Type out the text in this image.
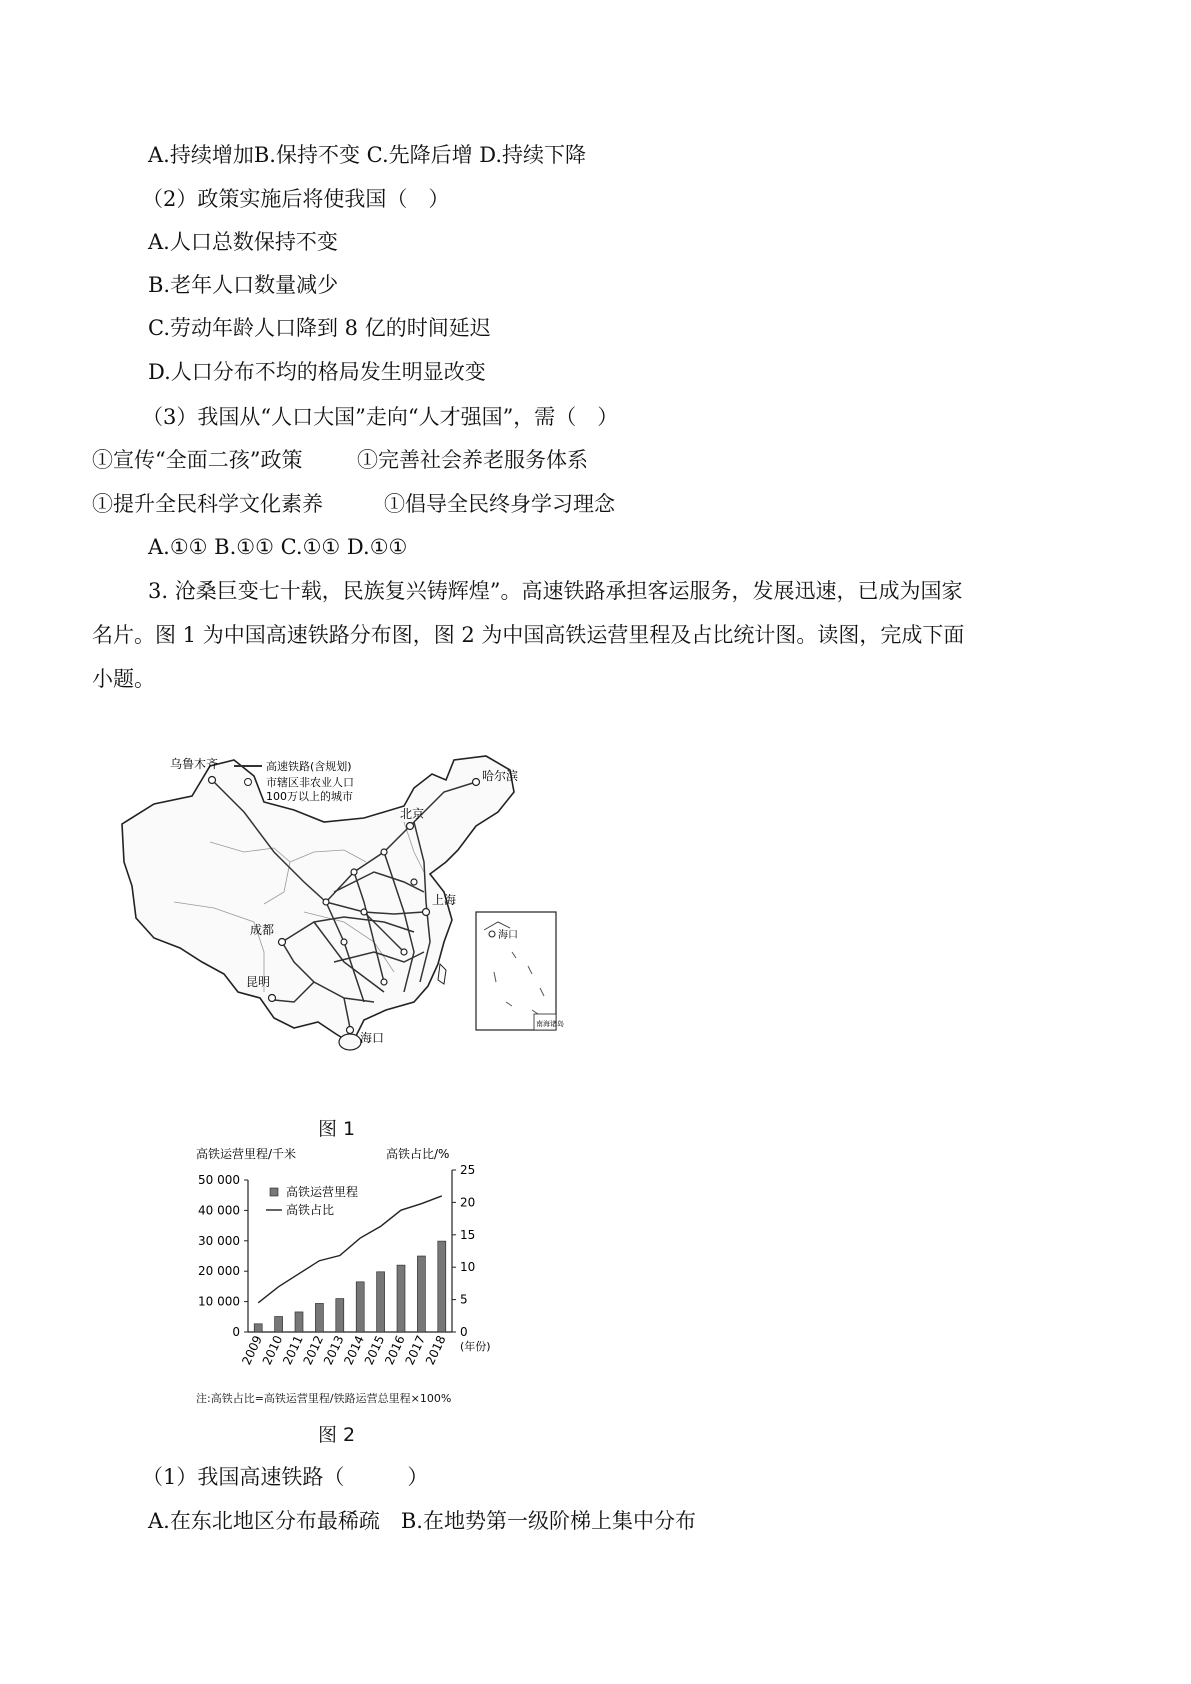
A.持续增加B.保持不变 C.先降后增 D.持续下降
（2）政策实施后将使我国（　）
A.人口总数保持不变
B.老年人口数量减少
C.劳动年龄人口降到 8 亿的时间延迟
D.人口分布不均的格局发生明显改变
（3）我国从“人口大国”走向“人才强国”，需（　）
①宣传“全面二孩”政策	①完善社会养老服务体系
①提升全民科学文化素养	①倡导全民终身学习理念
A.①① B.①① C.①① D.①①
3. 沧桑巨变七十载，民族复兴铸辉煌”。高速铁路承担客运服务，发展迅速，已成为国家
名片。图 1 为中国高速铁路分布图，图 2 为中国高铁运营里程及占比统计图。读图，完成下面
小题。
高速铁路(含规划)
市辖区非农业人口
100万以上的城市
乌鲁木齐
哈尔滨
北京
上海
成都
昆明
海口
海口
南海诸岛
图 1
高铁运营里程/千米	高铁占比/%
0
10 000
20 000
30 000
40 000
50 000
0
5
10
15
20
25
2009
2010
2011
2012
2013
2014
2015
2016
2017
2018 (年份)
高铁运营里程
高铁占比
注:高铁占比=高铁运营里程/铁路运营总里程×100%
图 2
（1）我国高速铁路（　　　）
A.在东北地区分布最稀疏　B.在地势第一级阶梯上集中分布
